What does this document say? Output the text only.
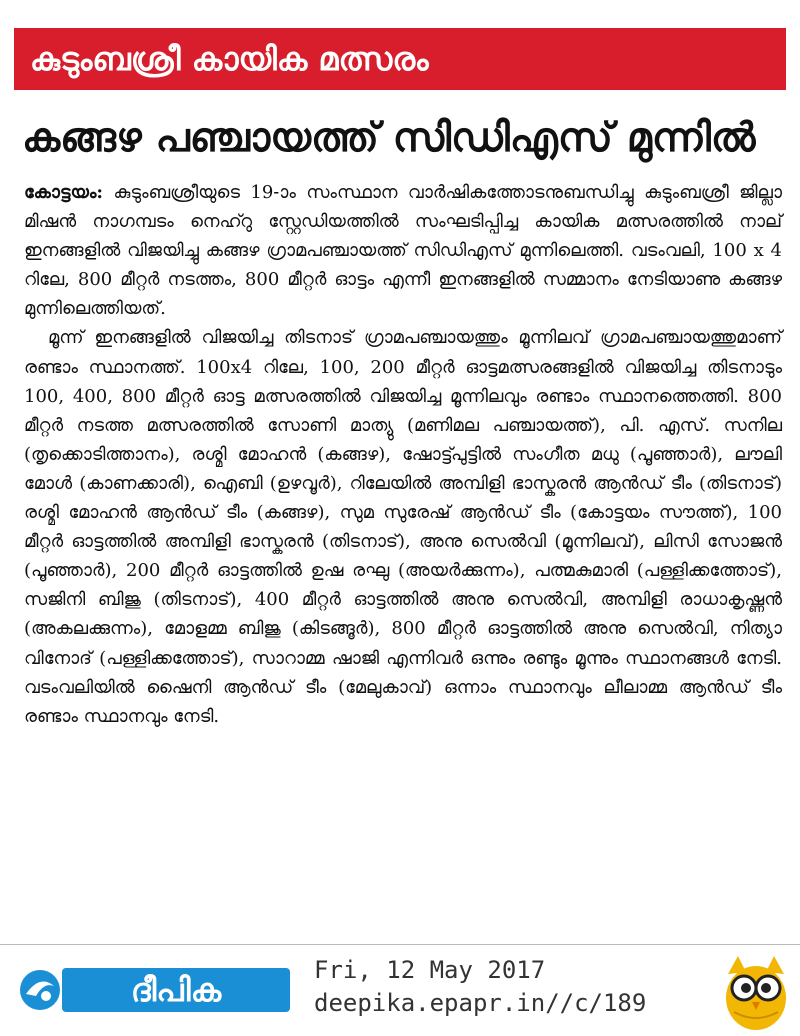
കുടുംബശ്രീ കായിക മത്സരം
കങ്ങഴ പഞ്ചായത്ത് സിഡിഎസ് മുന്നിൽ

കോട്ടയം: കുടുംബശ്രീയുടെ 19-ാം സംസ്ഥാന വാർഷികത്തോടനുബന്ധിച്ചു കുടുംബശ്രീ ജില്ലാ മിഷൻ നാഗമ്പടം നെഹ്റു സ്റ്റേഡിയത്തിൽ സംഘടിപ്പിച്ച കായിക മത്സരത്തിൽ നാല് ഇനങ്ങളിൽ വിജയിച്ചു കങ്ങഴ ഗ്രാമപഞ്ചായത്ത് സിഡിഎസ് മുന്നിലെത്തി. വടംവലി, 100 x 4 റിലേ, 800 മീറ്റർ നടത്തം, 800 മീറ്റർ ഓട്ടം എന്നീ ഇനങ്ങളിൽ സമ്മാനം നേടിയാണു കങ്ങഴ മുന്നിലെത്തിയത്.

മൂന്ന് ഇനങ്ങളിൽ വിജയിച്ച തിടനാട് ഗ്രാമപഞ്ചായത്തും മൂന്നിലവ് ഗ്രാമപഞ്ചായത്തുമാണ് രണ്ടാം സ്ഥാനത്ത്. 100x4 റിലേ, 100, 200 മീറ്റർ ഓട്ടമത്സരങ്ങളിൽ വിജയിച്ച തിടനാടും 100, 400, 800 മീറ്റർ ഓട്ട മത്സരത്തിൽ വിജയിച്ച മൂന്നിലവും രണ്ടാം സ്ഥാനത്തെത്തി. 800 മീറ്റർ നടത്ത മത്സരത്തിൽ സോണി മാത്യു (മണിമല പഞ്ചായത്ത്), പി. എസ്. സനില (തൃക്കൊടിത്താനം), രശ്മി മോഹൻ (കങ്ങഴ), ഷോട്ട്പുട്ടിൽ സംഗീത മധു (പൂഞ്ഞാർ), ലൗലി മോൾ (കാണക്കാരി), ഐബി (ഉഴവൂർ), റിലേയിൽ അമ്പിളി ഭാസ്കരൻ ആൻഡ് ടീം (തിടനാട്) രശ്മി മോഹൻ ആൻഡ് ടീം (കങ്ങഴ), സുമ സുരേഷ് ആൻഡ് ടീം (കോട്ടയം സൗത്ത്), 100 മീറ്റർ ഓട്ടത്തിൽ അമ്പിളി ഭാസ്കരൻ (തിടനാട്), അനു സെൽവി (മൂന്നിലവ്), ലിസി സോജൻ (പൂഞ്ഞാർ), 200 മീറ്റർ ഓട്ടത്തിൽ ഉഷ രഘു (അയർക്കുന്നം), പത്മകുമാരി (പള്ളിക്കത്തോട്), സജിനി ബിജു (തിടനാട്), 400 മീറ്റർ ഓട്ടത്തിൽ അനു സെൽവി, അമ്പിളി രാധാകൃഷ്ണൻ (അകലക്കുന്നം), മോളമ്മ ബിജു (കിടങ്ങൂർ), 800 മീറ്റർ ഓട്ടത്തിൽ അനു സെൽവി, നിത്യാ വിനോദ് (പള്ളിക്കത്തോട്), സാറാമ്മ ഷാജി എന്നിവർ ഒന്നും രണ്ടും മൂന്നും സ്ഥാനങ്ങൾ നേടി. വടംവലിയിൽ ഷൈനി ആൻഡ് ടീം (മേലുകാവ്) ഒന്നാം സ്ഥാനവും ലീലാമ്മ ആൻഡ് ടീം രണ്ടാം സ്ഥാനവും നേടി.

ദീപിക
Fri, 12 May 2017
deepika.epapr.in//c/189
